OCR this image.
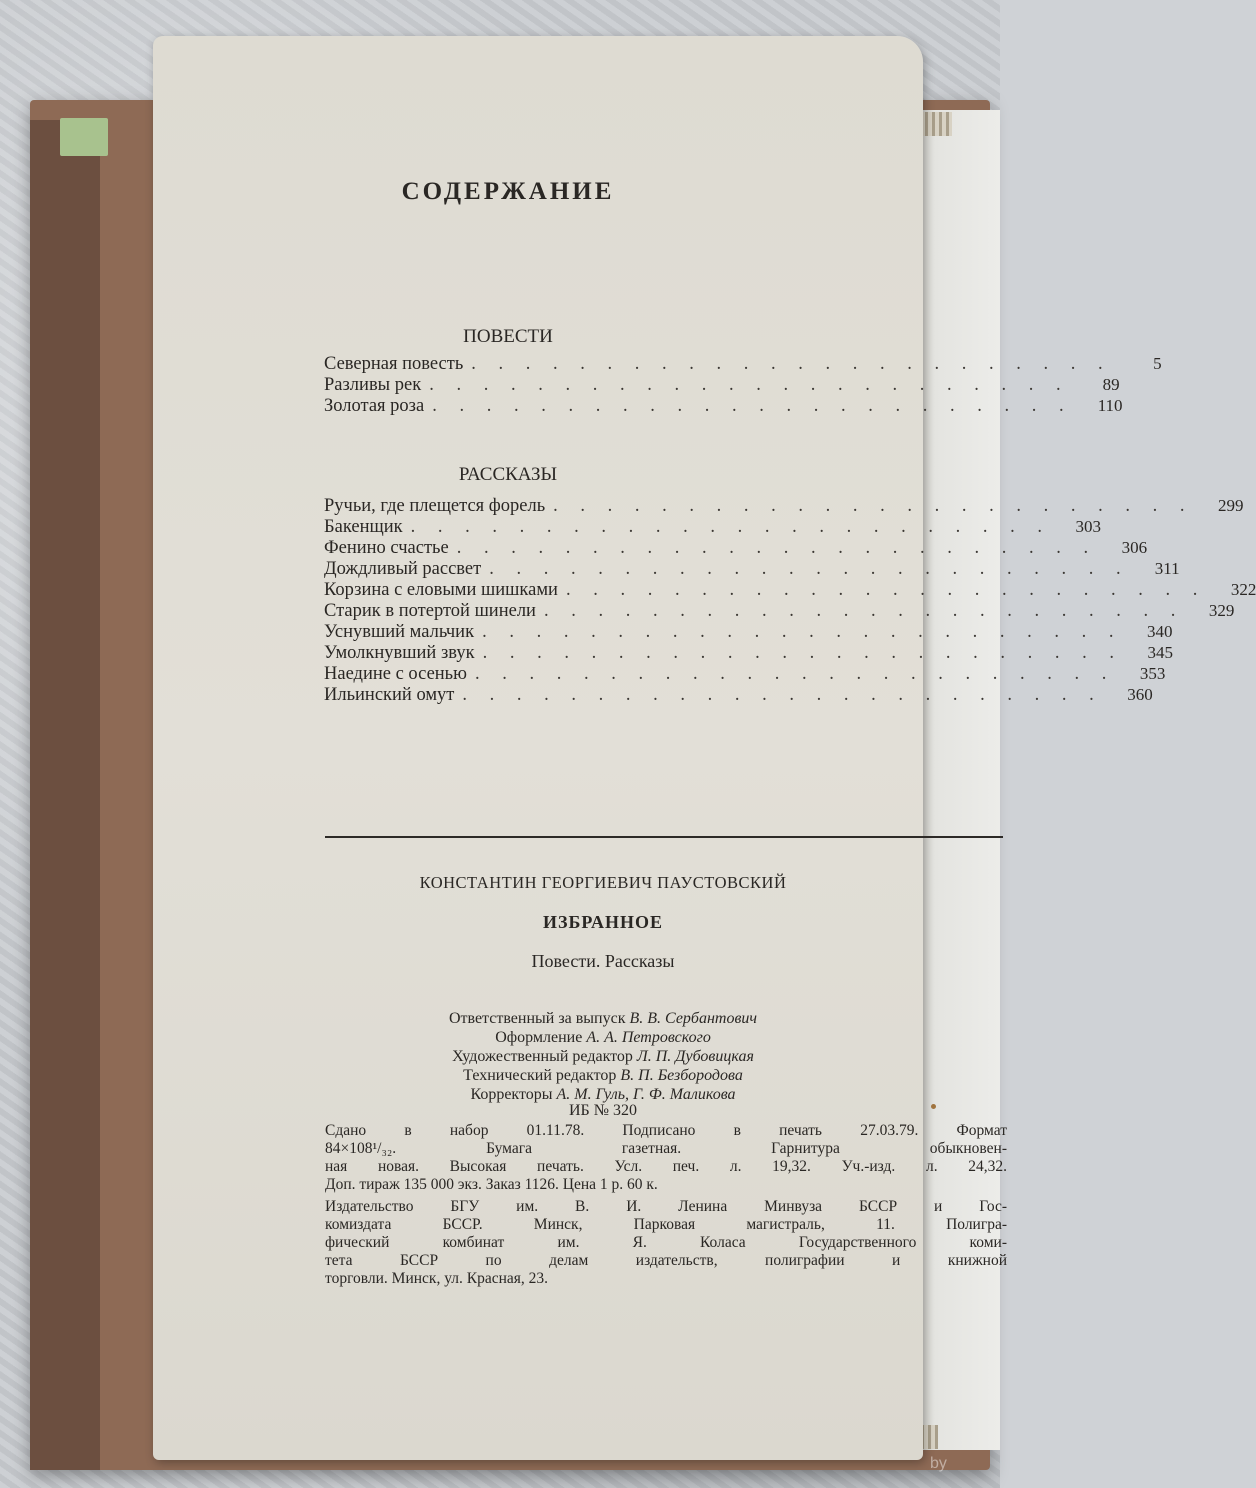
СОДЕРЖАНИЕ
ПОВЕСТИ
Северная повесть . . . . . . . . . . . . . . . . . . . . . . . .	5
Разливы рек . . . . . . . . . . . . . . . . . . . . . . . .	89
Золотая роза . . . . . . . . . . . . . . . . . . . . . . . .	110
РАССКАЗЫ
Ручьи, где плещется форель . . . . . . . . . . . . . . . . . . . . . . . .	299
Бакенщик . . . . . . . . . . . . . . . . . . . . . . . .	303
Фенино счастье . . . . . . . . . . . . . . . . . . . . . . . .	306
Дождливый рассвет . . . . . . . . . . . . . . . . . . . . . . . .	311
Корзина с еловыми шишками . . . . . . . . . . . . . . . . . . . . . . . .	322
Старик в потертой шинели . . . . . . . . . . . . . . . . . . . . . . . .	329
Уснувший мальчик . . . . . . . . . . . . . . . . . . . . . . . .	340
Умолкнувший звук . . . . . . . . . . . . . . . . . . . . . . . .	345
Наедине с осенью . . . . . . . . . . . . . . . . . . . . . . . .	353
Ильинский омут . . . . . . . . . . . . . . . . . . . . . . . .	360
КОНСТАНТИН ГЕОРГИЕВИЧ ПАУСТОВСКИЙ
ИЗБРАННОЕ
Повести. Рассказы
Ответственный за выпуск В. В. Сербантович
Оформление А. А. Петровского
Художественный редактор Л. П. Дубовицкая
Технический редактор В. П. Безбородова
Корректоры А. М. Гуль, Г. Ф. Маликова
ИБ № 320
Сдано в набор 01.11.78. Подписано в печать 27.03.79. Формат
84×108¹/₃₂. Бумага газетная. Гарнитура обыкновен-
ная новая. Высокая печать. Усл. печ. л. 19,32. Уч.-изд. л. 24,32.
Доп. тираж 135 000 экз. Заказ 1126. Цена 1 р. 60 к.
Издательство БГУ им. В. И. Ленина Минвуза БССР и Гос-
комиздата БССР. Минск, Парковая магистраль, 11. Полигра-
фический комбинат им. Я. Коласа Государственного коми-
тета БССР по делам издательств, полиграфии и книжной
торговли. Минск, ул. Красная, 23.
by
